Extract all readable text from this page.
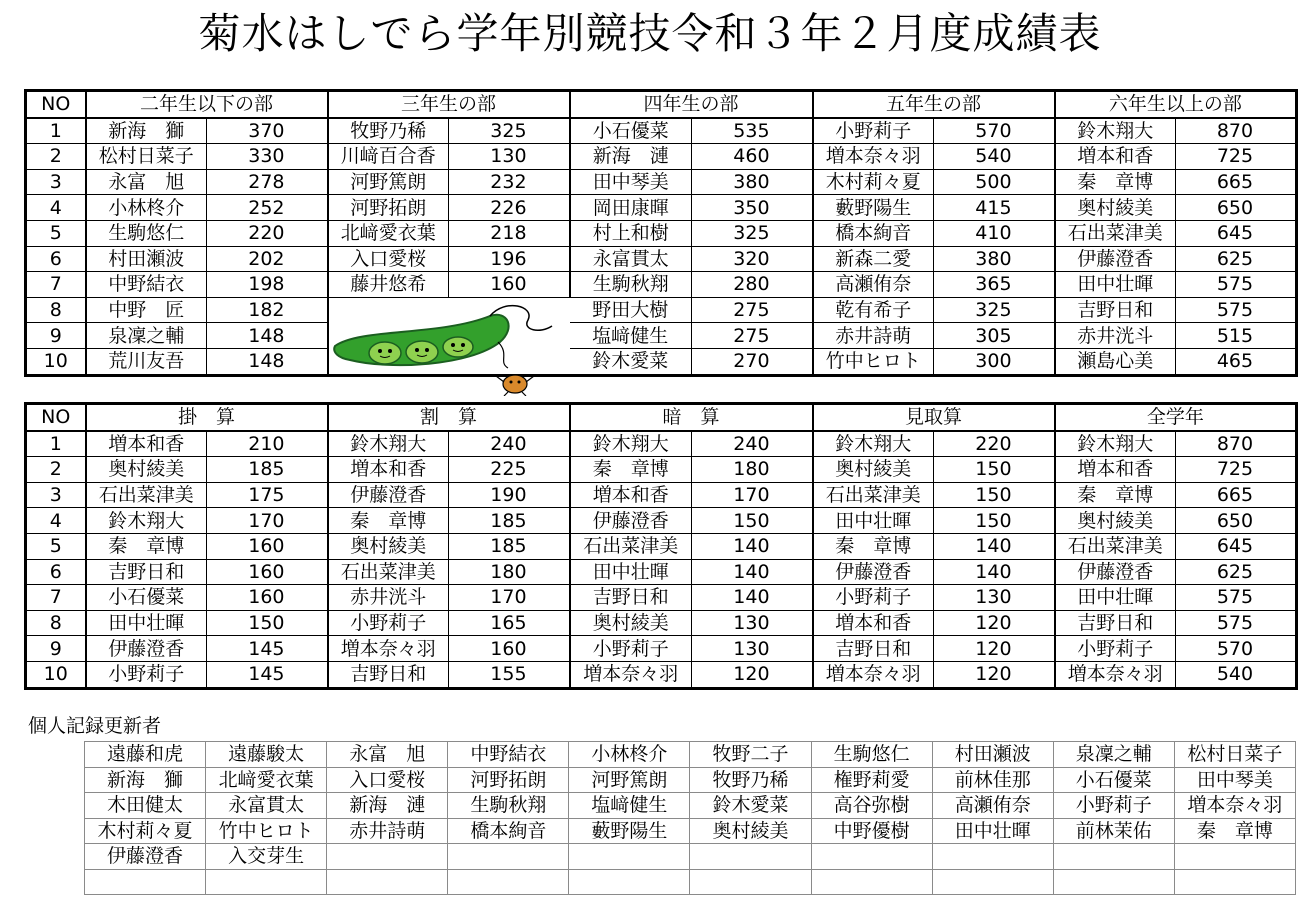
菊水はしでら学年別競技令和３年２月度成績表
NO	二年生以下の部		三年生の部		四年生の部		五年生の部		六年生以上の部	
1	新海　獅	370	牧野乃稀	325	小石優菜	535	小野莉子	570	鈴木翔大	870
2	松村日菜子	330	川﨑百合香	130	新海　漣	460	増本奈々羽	540	増本和香	725
3	永富　旭	278	河野篤朗	232	田中琴美	380	木村莉々夏	500	秦　章博	665
4	小林柊介	252	河野拓朗	226	岡田康暉	350	藪野陽生	415	奥村綾美	650
5	生駒悠仁	220	北﨑愛衣葉	218	村上和樹	325	橋本絢音	410	石出菜津美	645
6	村田瀬波	202	入口愛桜	196	永富貫太	320	新森二愛	380	伊藤澄香	625
7	中野結衣	198	藤井悠希	160	生駒秋翔	280	高瀬侑奈	365	田中壮暉	575
8	中野　匠	182			野田大樹	275	乾有希子	325	吉野日和	575
9	泉凜之輔	148			塩﨑健生	275	赤井詩萌	305	赤井洸斗	515
10	荒川友吾	148			鈴木愛菜	270	竹中ヒロト	300	瀬島心美	465
NO	掛　算		割　算		暗　算		見取算		全学年	
1	増本和香	210	鈴木翔大	240	鈴木翔大	240	鈴木翔大	220	鈴木翔大	870
2	奥村綾美	185	増本和香	225	秦　章博	180	奥村綾美	150	増本和香	725
3	石出菜津美	175	伊藤澄香	190	増本和香	170	石出菜津美	150	秦　章博	665
4	鈴木翔大	170	秦　章博	185	伊藤澄香	150	田中壮暉	150	奥村綾美	650
5	秦　章博	160	奥村綾美	185	石出菜津美	140	秦　章博	140	石出菜津美	645
6	吉野日和	160	石出菜津美	180	田中壮暉	140	伊藤澄香	140	伊藤澄香	625
7	小石優菜	160	赤井洸斗	170	吉野日和	140	小野莉子	130	田中壮暉	575
8	田中壮暉	150	小野莉子	165	奥村綾美	130	増本和香	120	吉野日和	575
9	伊藤澄香	145	増本奈々羽	160	小野莉子	130	吉野日和	120	小野莉子	570
10	小野莉子	145	吉野日和	155	増本奈々羽	120	増本奈々羽	120	増本奈々羽	540
個人記録更新者
遠藤和虎	遠藤駿太	永富　旭	中野結衣	小林柊介	牧野二子	生駒悠仁	村田瀬波	泉凜之輔	松村日菜子
新海　獅	北﨑愛衣葉	入口愛桜	河野拓朗	河野篤朗	牧野乃稀	権野莉愛	前林佳那	小石優菜	田中琴美
木田健太	永富貫太	新海　漣	生駒秋翔	塩﨑健生	鈴木愛菜	高谷弥樹	高瀬侑奈	小野莉子	増本奈々羽
木村莉々夏	竹中ヒロト	赤井詩萌	橋本絢音	藪野陽生	奥村綾美	中野優樹	田中壮暉	前林茉佑	秦　章博
伊藤澄香	入交芽生								
